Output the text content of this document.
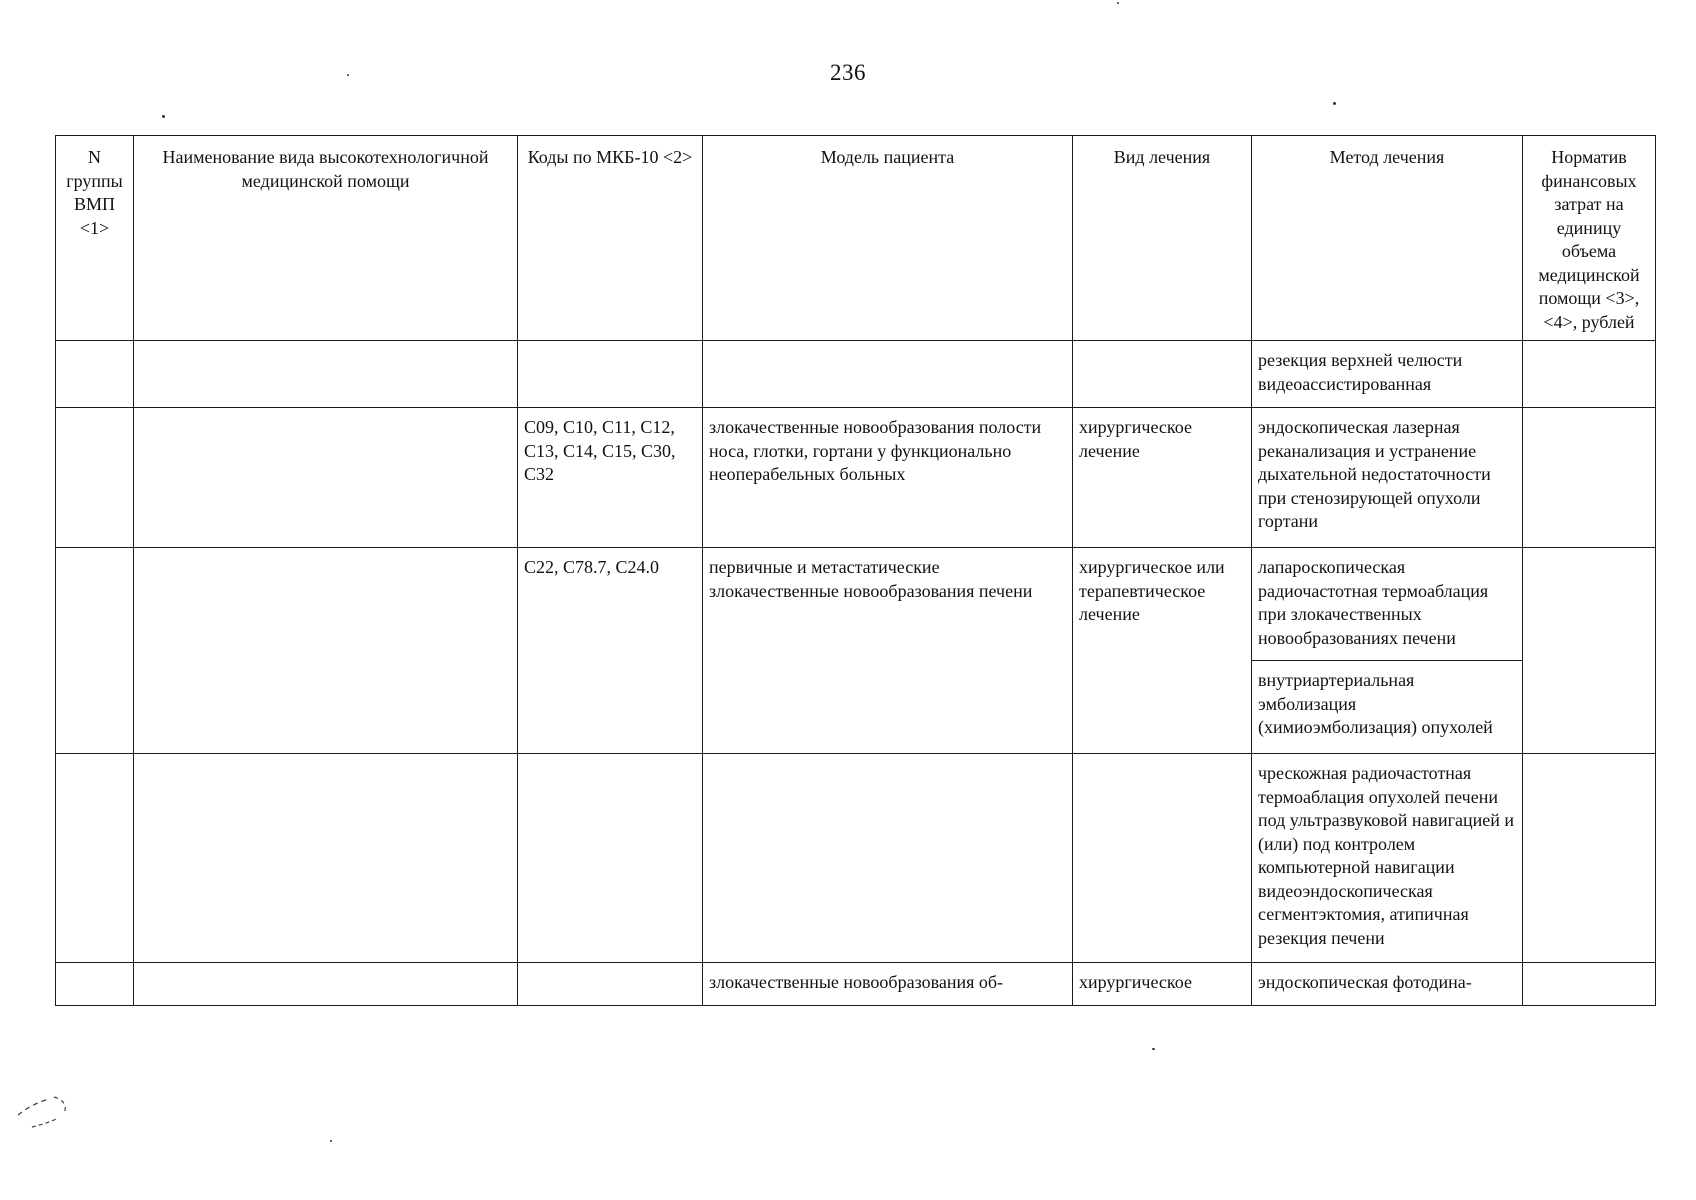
236
N группы ВМП <1>	Наименование вида высокотехнологичной медицинской помощи	Коды по МКБ-10 <2>	Модель пациента	Вид лечения	Метод лечения	Норматив финансовых затрат на единицу объема медицинской помощи <3>, <4>, рублей
					резекция верхней челюсти видеоассистированная	
		C09, C10, C11, C12, C13, C14, C15, C30, C32	злокачественные новообразования полости носа, глотки, гортани у функционально неоперабельных больных	хирургическое лечение	эндоскопическая лазерная реканализация и устранение дыхательной недостаточности при стенозирующей опухоли гортани	
		C22, C78.7, C24.0	первичные и метастатические злокачественные новообразования печени	хирургическое или терапевтическое лечение	лапароскопическая радиочастотная термоаблация при злокачественных новообразованиях печени	
					внутриартериальная эмболизация (химиоэмболизация) опухолей	
					чрескожная радиочастотная термоаблация опухолей печени под ультразвуковой навигацией и (или) под контролем компьютерной навигации видеоэндоскопическая сегментэктомия, атипичная резекция печени	
			злокачественные новообразования об-	хирургическое	эндоскопическая фотодина-	
